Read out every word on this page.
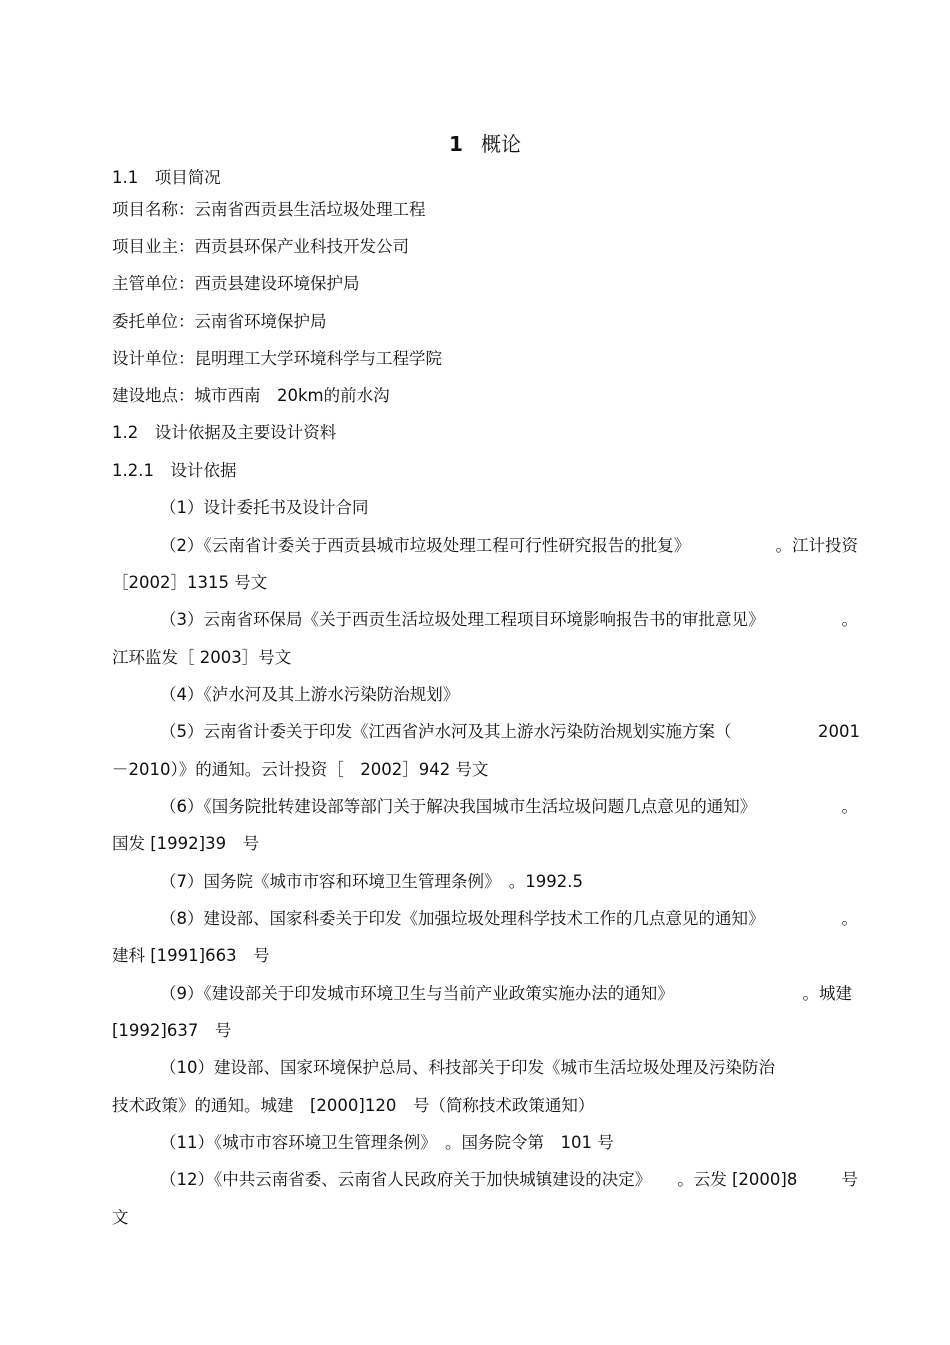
1 概论
1.1　项目简况
项目名称：云南省西贡县生活垃圾处理工程
项目业主：西贡县环保产业科技开发公司
主管单位：西贡县建设环境保护局
委托单位：云南省环境保护局
设计单位：昆明理工大学环境科学与工程学院
建设地点：城市西南　20km的前水沟
1.2　设计依据及主要设计资料
1.2.1　设计依据
（1）设计委托书及设计合同
（2）《云南省计委关于西贡县城市垃圾处理工程可行性研究报告的批复》	。江计投资
［2002］1315 号文
（3）云南省环保局《关于西贡生活垃圾处理工程项目环境影响报告书的审批意见》	。
江环监发［ 2003］号文
（4）《泸水河及其上游水污染防治规划》
（5）云南省计委关于印发《江西省泸水河及其上游水污染防治规划实施方案（	2001
－2010）》的通知。云计投资［　2002］942 号文
（6）《国务院批转建设部等部门关于解决我国城市生活垃圾问题几点意见的通知》	。
国发 [1992]39　号
（7）国务院《城市市容和环境卫生管理条例》　。1992.5
（8）建设部、国家科委关于印发《加强垃圾处理科学技术工作的几点意见的通知》	。
建科 [1991]663　号
（9）《建设部关于印发城市环境卫生与当前产业政策实施办法的通知》	。城建
[1992]637　号
（10）建设部、国家环境保护总局、科技部关于印发《城市生活垃圾处理及污染防治
技术政策》的通知。城建　[2000]120　号（简称技术政策通知）
（11）《城市市容环境卫生管理条例》　。国务院令第　101 号
（12）《中共云南省委、云南省人民政府关于加快城镇建设的决定》 。云发 [2000]8	号
文
